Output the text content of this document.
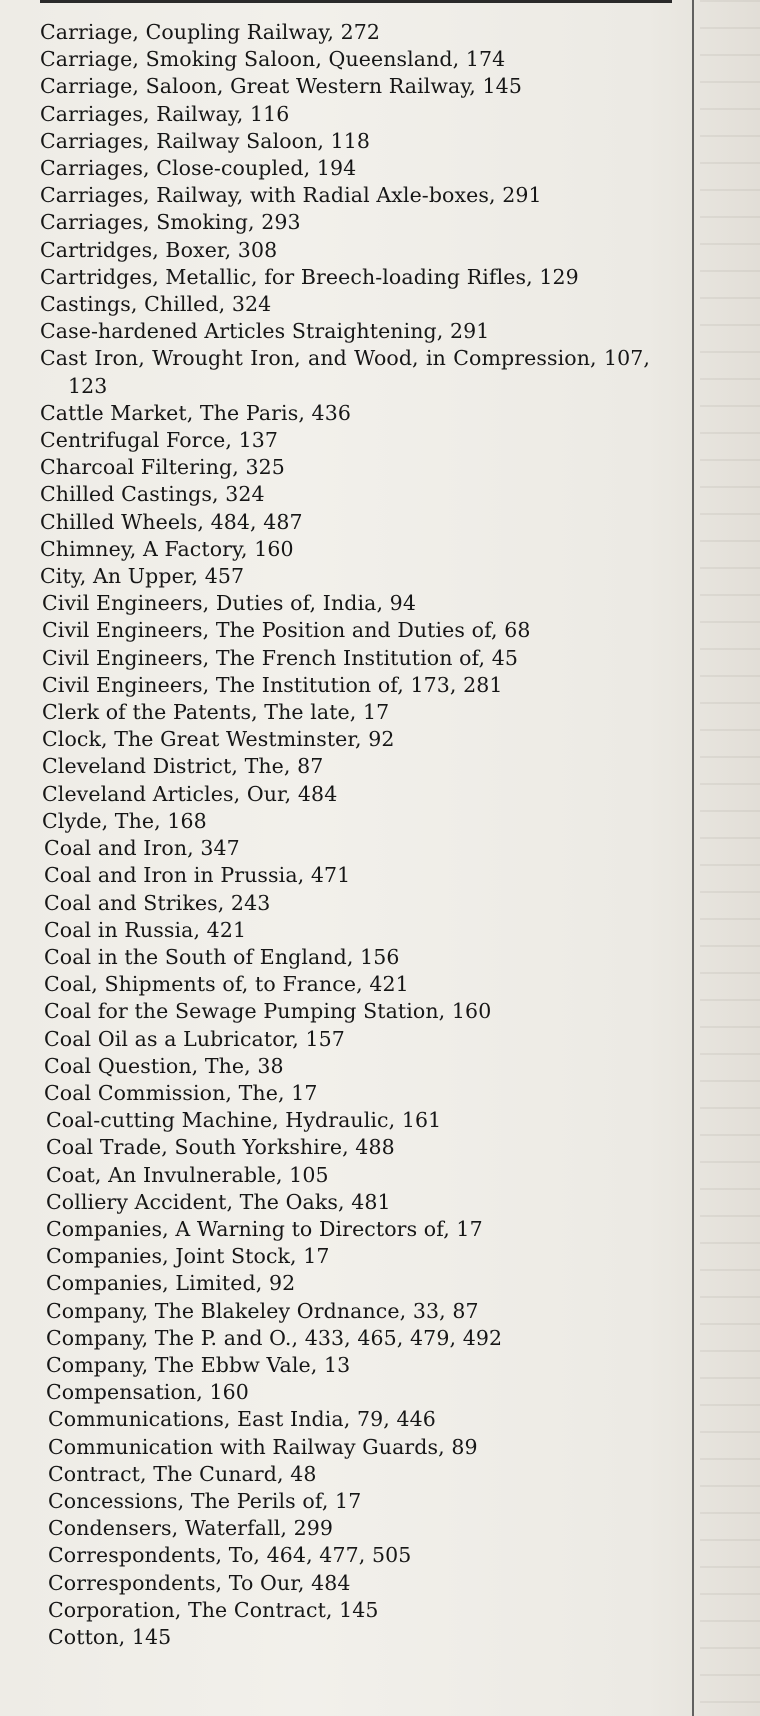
Carriage, Coupling Railway, 272
Carriage, Smoking Saloon, Queensland, 174
Carriage, Saloon, Great Western Railway, 145
Carriages, Railway, 116
Carriages, Railway Saloon, 118
Carriages, Close-coupled, 194
Carriages, Railway, with Radial Axle-boxes, 291
Carriages, Smoking, 293
Cartridges, Boxer, 308
Cartridges, Metallic, for Breech-loading Rifles, 129
Castings, Chilled, 324
Case-hardened Articles Straightening, 291
Cast Iron, Wrought Iron, and Wood, in Compression, 107, 123
Cattle Market, The Paris, 436
Centrifugal Force, 137
Charcoal Filtering, 325
Chilled Castings, 324
Chilled Wheels, 484, 487
Chimney, A Factory, 160
City, An Upper, 457
Civil Engineers, Duties of, India, 94
Civil Engineers, The Position and Duties of, 68
Civil Engineers, The French Institution of, 45
Civil Engineers, The Institution of, 173, 281
Clerk of the Patents, The late, 17
Clock, The Great Westminster, 92
Cleveland District, The, 87
Cleveland Articles, Our, 484
Clyde, The, 168
Coal and Iron, 347
Coal and Iron in Prussia, 471
Coal and Strikes, 243
Coal in Russia, 421
Coal in the South of England, 156
Coal, Shipments of, to France, 421
Coal for the Sewage Pumping Station, 160
Coal Oil as a Lubricator, 157
Coal Question, The, 38
Coal Commission, The, 17
Coal-cutting Machine, Hydraulic, 161
Coal Trade, South Yorkshire, 488
Coat, An Invulnerable, 105
Colliery Accident, The Oaks, 481
Companies, A Warning to Directors of, 17
Companies, Joint Stock, 17
Companies, Limited, 92
Company, The Blakeley Ordnance, 33, 87
Company, The P. and O., 433, 465, 479, 492
Company, The Ebbw Vale, 13
Compensation, 160
Communications, East India, 79, 446
Communication with Railway Guards, 89
Contract, The Cunard, 48
Concessions, The Perils of, 17
Condensers, Waterfall, 299
Correspondents, To, 464, 477, 505
Correspondents, To Our, 484
Corporation, The Contract, 145
Cotton, 145
